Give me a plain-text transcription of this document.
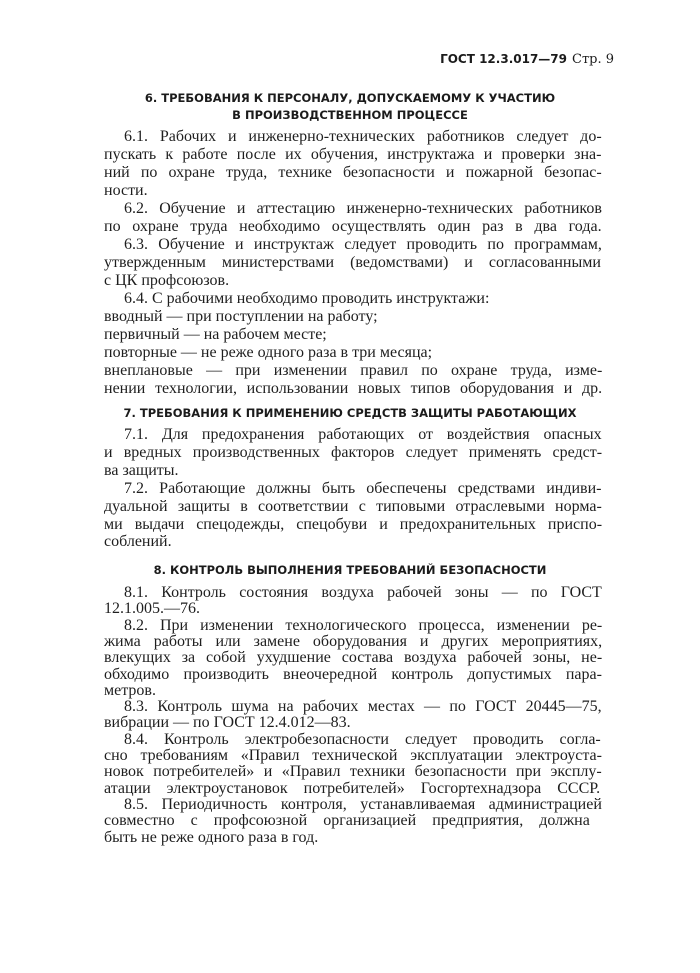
ГОСТ 12.3.017—79 Стр. 9
6. ТРЕБОВАНИЯ К ПЕРСОНАЛУ, ДОПУСКАЕМОМУ К УЧАСТИЮ
В ПРОИЗВОДСТВЕННОМ ПРОЦЕССЕ
6.1. Рабочих и инженерно-технических работников следует до-
пускать к работе после их обучения, инструктажа и проверки зна-
ний по охране труда, технике безопасности и пожарной безопас-
ности.
6.2. Обучение и аттестацию инженерно-технических работников
по охране труда необходимо осуществлять один раз в два года.
6.3. Обучение и инструктаж следует проводить по программам,
утвержденным министерствами (ведомствами) и согласованными
с ЦК профсоюзов.
6.4. С рабочими необходимо проводить инструктажи:
вводный — при поступлении на работу;
первичный — на рабочем месте;
повторные — не реже одного раза в три месяца;
внеплановые — при изменении правил по охране труда, изме-
нении технологии, использовании новых типов оборудования и др.
7. ТРЕБОВАНИЯ К ПРИМЕНЕНИЮ СРЕДСТВ ЗАЩИТЫ РАБОТАЮЩИХ
7.1. Для предохранения работающих от воздействия опасных
и вредных производственных факторов следует применять средст-
ва защиты.
7.2. Работающие должны быть обеспечены средствами индиви-
дуальной защиты в соответствии с типовыми отраслевыми норма-
ми выдачи спецодежды, спецобуви и предохранительных приспо-
соблений.
8. КОНТРОЛЬ ВЫПОЛНЕНИЯ ТРЕБОВАНИЙ БЕЗОПАСНОСТИ
8.1. Контроль состояния воздуха рабочей зоны — по ГОСТ
12.1.005.—76.
8.2. При изменении технологического процесса, изменении ре-
жима работы или замене оборудования и других мероприятиях,
влекущих за собой ухудшение состава воздуха рабочей зоны, не-
обходимо производить внеочередной контроль допустимых пара-
метров.
8.3. Контроль шума на рабочих местах — по ГОСТ 20445—75,
вибрации — по ГОСТ 12.4.012—83.
8.4. Контроль электробезопасности следует проводить согла-
сно требованиям «Правил технической эксплуатации электроуста-
новок потребителей» и «Правил техники безопасности при эксплу-
атации электроустановок потребителей» Госгортехнадзора СССР.
8.5. Периодичность контроля, устанавливаемая администрацией
совместно с профсоюзной организацией предприятия, должна
быть не реже одного раза в год.
